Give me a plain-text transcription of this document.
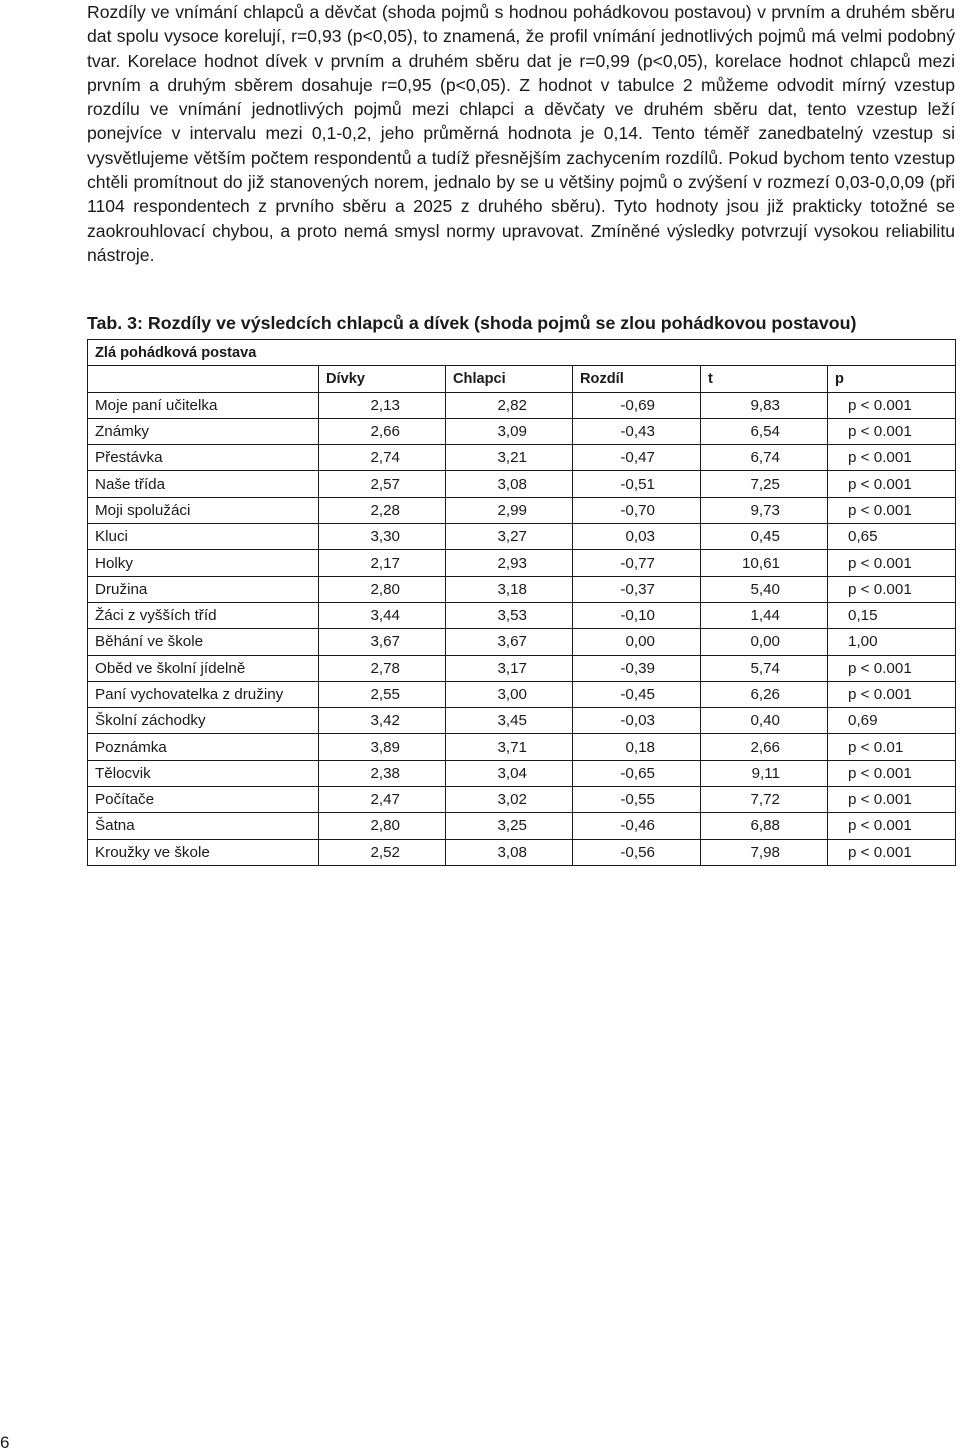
Rozdíly ve vnímání chlapců a děvčat (shoda pojmů s hodnou pohádkovou postavou) v prvním a druhém sběru dat spolu vysoce korelují, r=0,93 (p<0,05), to znamená, že profil vnímání jednotlivých pojmů má velmi podobný tvar. Korelace hodnot dívek v prvním a druhém sběru dat je r=0,99 (p<0,05), korelace hodnot chlapců mezi prvním a druhým sběrem dosahuje r=0,95 (p<0,05). Z hodnot v tabulce 2 můžeme odvodit mírný vzestup rozdílu ve vnímání jednotlivých pojmů mezi chlapci a děvčaty ve druhém sběru dat, tento vzestup leží ponejvíce v intervalu mezi 0,1-0,2, jeho průměrná hodnota je 0,14. Tento téměř zanedbatelný vzestup si vysvětlujeme větším počtem respondentů a tudíž přesnějším zachycením rozdílů. Pokud bychom tento vzestup chtěli promítnout do již stanovených norem, jednalo by se u většiny pojmů o zvýšení v rozmezí 0,03-0,0,09 (při 1104 respondentech z prvního sběru a 2025 z druhého sběru). Tyto hodnoty jsou již prakticky totožné se zaokrouhlovací chybou, a proto nemá smysl normy upravovat. Zmíněné výsledky potvrzují vysokou reliabilitu nástroje.

Tab. 3: Rozdíly ve výsledcích chlapců a dívek (shoda pojmů se zlou pohádkovou postavou)

Zlá pohádková postava					
	Dívky	Chlapci	Rozdíl	t	p
Moje paní učitelka	2,13	2,82	-0,69	9,83	p < 0.001
Známky	2,66	3,09	-0,43	6,54	p < 0.001
Přestávka	2,74	3,21	-0,47	6,74	p < 0.001
Naše třída	2,57	3,08	-0,51	7,25	p < 0.001
Moji spolužáci	2,28	2,99	-0,70	9,73	p < 0.001
Kluci	3,30	3,27	0,03	0,45	0,65
Holky	2,17	2,93	-0,77	10,61	p < 0.001
Družina	2,80	3,18	-0,37	5,40	p < 0.001
Žáci z vyšších tříd	3,44	3,53	-0,10	1,44	0,15
Běhání ve škole	3,67	3,67	0,00	0,00	1,00
Oběd ve školní jídelně	2,78	3,17	-0,39	5,74	p < 0.001
Paní vychovatelka z družiny	2,55	3,00	-0,45	6,26	p < 0.001
Školní záchodky	3,42	3,45	-0,03	0,40	0,69
Poznámka	3,89	3,71	0,18	2,66	p < 0.01
Tělocvik	2,38	3,04	-0,65	9,11	p < 0.001
Počítače	2,47	3,02	-0,55	7,72	p < 0.001
Šatna	2,80	3,25	-0,46	6,88	p < 0.001
Kroužky ve škole	2,52	3,08	-0,56	7,98	p < 0.001
6
